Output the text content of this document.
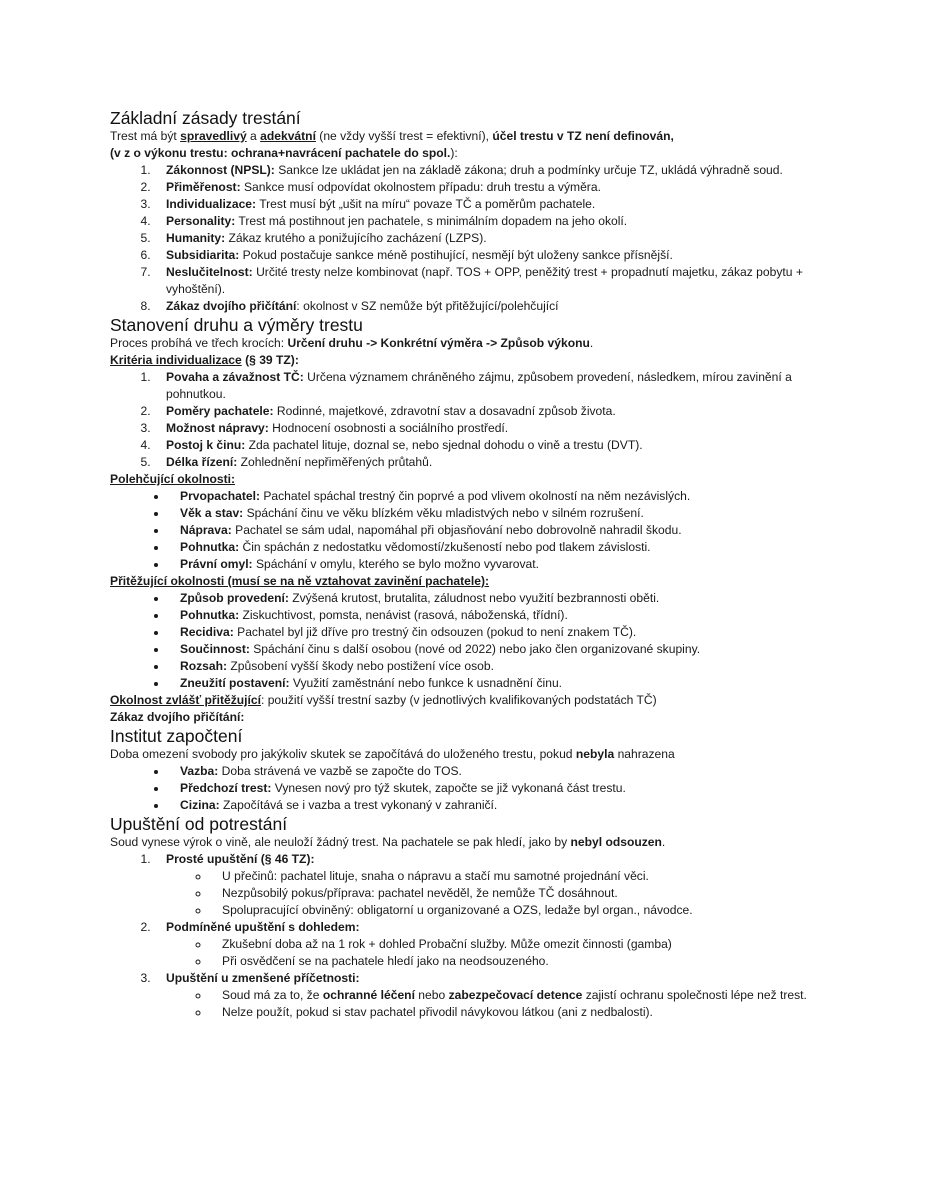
Základní zásady trestání

Trest má být spravedlivý a adekvátní (ne vždy vyšší trest = efektivní), účel trestu v TZ není definován,
(v z o výkonu trestu: ochrana+navrácení pachatele do spol.):

1. Zákonnost (NPSL): Sankce lze ukládat jen na základě zákona; druh a podmínky určuje TZ, ukládá výhradně soud.
2. Přiměřenost: Sankce musí odpovídat okolnostem případu: druh trestu a výměra.
3. Individualizace: Trest musí být „ušit na míru“ povaze TČ a poměrům pachatele.
4. Personality: Trest má postihnout jen pachatele, s minimálním dopadem na jeho okolí.
5. Humanity: Zákaz krutého a ponižujícího zacházení (LZPS).
6. Subsidiarita: Pokud postačuje sankce méně postihující, nesmějí být uloženy sankce přísnější.
7. Neslučitelnost: Určité tresty nelze kombinovat (např. TOS + OPP, peněžitý trest + propadnutí majetku, zákaz pobytu + vyhoštění).
8. Zákaz dvojího přičítání: okolnost v SZ nemůže být přitěžující/polehčující
Stanovení druhu a výměry trestu

Proces probíhá ve třech krocích: Určení druhu -> Konkrétní výměra -> Způsob výkonu.

Kritéria individualizace (§ 39 TZ):

1. Povaha a závažnost TČ: Určena významem chráněného zájmu, způsobem provedení, následkem, mírou zavinění a pohnutkou.
2. Poměry pachatele: Rodinné, majetkové, zdravotní stav a dosavadní způsob života.
3. Možnost nápravy: Hodnocení osobnosti a sociálního prostředí.
4. Postoj k činu: Zda pachatel lituje, doznal se, nebo sjednal dohodu o vině a trestu (DVT).
5. Délka řízení: Zohlednění nepřiměřených průtahů.

Polehčující okolnosti:

• Prvopachatel: Pachatel spáchal trestný čin poprvé a pod vlivem okolností na něm nezávislých.
• Věk a stav: Spáchání činu ve věku blízkém věku mladistvých nebo v silném rozrušení.
• Náprava: Pachatel se sám udal, napomáhal při objasňování nebo dobrovolně nahradil škodu.
• Pohnutka: Čin spáchán z nedostatku vědomostí/zkušeností nebo pod tlakem závislosti.
• Právní omyl: Spáchání v omylu, kterého se bylo možno vyvarovat.

Přitěžující okolnosti (musí se na ně vztahovat zavinění pachatele):

• Způsob provedení: Zvýšená krutost, brutalita, záludnost nebo využití bezbrannosti oběti.
• Pohnutka: Ziskuchtivost, pomsta, nenávist (rasová, náboženská, třídní).
• Recidiva: Pachatel byl již dříve pro trestný čin odsouzen (pokud to není znakem TČ).
• Součinnost: Spáchání činu s další osobou (nové od 2022) nebo jako člen organizované skupiny.
• Rozsah: Způsobení vyšší škody nebo postižení více osob.
• Zneužití postavení: Využití zaměstnání nebo funkce k usnadnění činu.

Okolnost zvlášť přitěžující: použití vyšší trestní sazby (v jednotlivých kvalifikovaných podstatách TČ)

Zákaz dvojího přičítání:

Institut započtení

Doba omezení svobody pro jakýkoliv skutek se započítává do uloženého trestu, pokud nebyla nahrazena

• Vazba: Doba strávená ve vazbě se započte do TOS.
• Předchozí trest: Vynesen nový pro týž skutek, započte se již vykonaná část trestu.
• Cizina: Započítává se i vazba a trest vykonaný v zahraničí.
Upuštění od potrestání

Soud vynese výrok o vině, ale neuloží žádný trest. Na pachatele se pak hledí, jako by nebyl odsouzen.

1. Prosté upuštění (§ 46 TZ):
◦ U přečinů: pachatel lituje, snaha o nápravu a stačí mu samotné projednání věci.
◦ Nezpůsobilý pokus/příprava: pachatel nevěděl, že nemůže TČ dosáhnout.
◦ Spolupracující obviněný: obligatorní u organizované a OZS, ledaže byl organ., návodce.
2. Podmíněné upuštění s dohledem:
◦ Zkušební doba až na 1 rok + dohled Probační služby. Může omezit činnosti (gamba)
◦ Při osvědčení se na pachatele hledí jako na neodsouzeného.
3. Upuštění u zmenšené příčetnosti:
◦ Soud má za to, že ochranné léčení nebo zabezpečovací detence zajistí ochranu společnosti lépe než trest.
◦ Nelze použít, pokud si stav pachatel přivodil návykovou látkou (ani z nedbalosti).
